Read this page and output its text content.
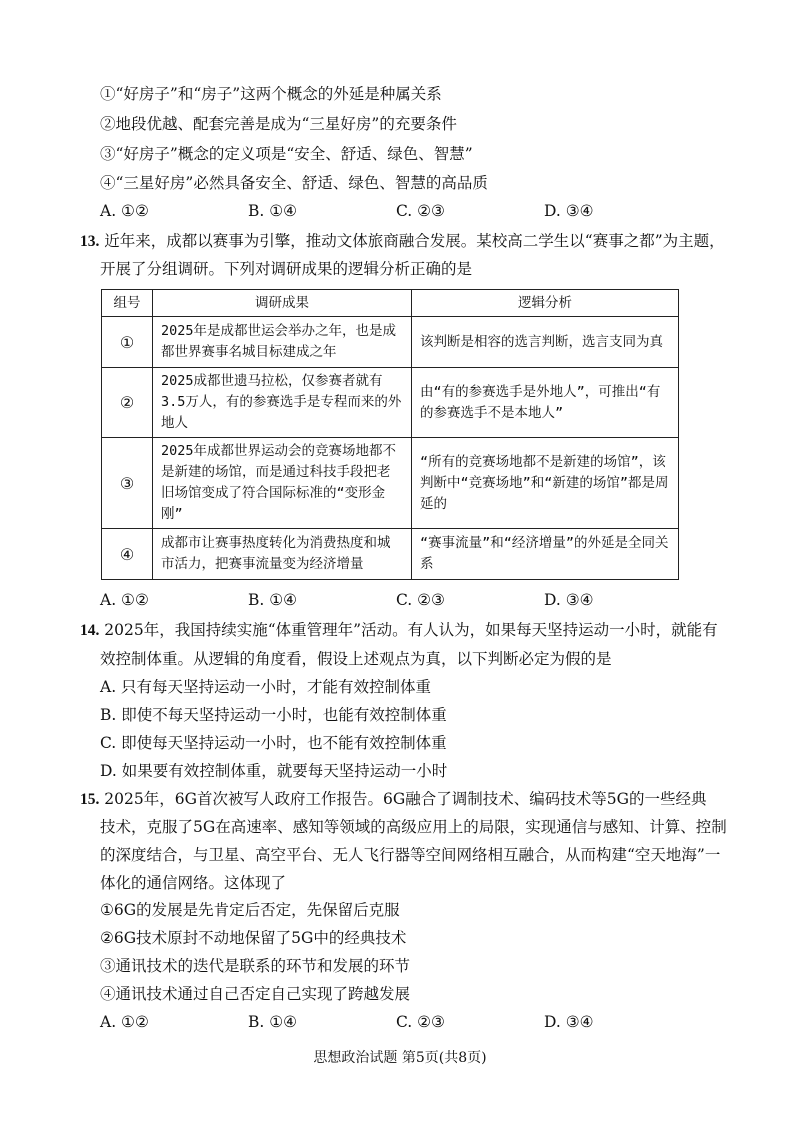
①“好房子”和“房子”这两个概念的外延是种属关系
②地段优越、配套完善是成为“三星好房”的充要条件
③“好房子”概念的定义项是“安全、舒适、绿色、智慧”
④“三星好房”必然具备安全、舒适、绿色、智慧的高品质
A. ①②	B. ①④	C. ②③	D. ③④
13. 近年来，成都以赛事为引擎，推动文体旅商融合发展。某校高二学生以“赛事之都”为主题，
开展了分组调研。下列对调研成果的逻辑分析正确的是
组号	调研成果	逻辑分析
①	2025年是成都世运会举办之年，也是成都世界赛事名城目标建成之年	该判断是相容的选言判断，选言支同为真
②	2025成都世遗马拉松，仅参赛者就有3.5万人，有的参赛选手是专程而来的外地人	由“有的参赛选手是外地人”，可推出“有的参赛选手不是本地人”
③	2025年成都世界运动会的竞赛场地都不是新建的场馆，而是通过科技手段把老旧场馆变成了符合国际标准的“变形金刚”	“所有的竞赛场地都不是新建的场馆”，该判断中“竞赛场地”和“新建的场馆”都是周延的
④	成都市让赛事热度转化为消费热度和城市活力，把赛事流量变为经济增量	“赛事流量”和“经济增量”的外延是全同关系
A. ①②	B. ①④	C. ②③	D. ③④
14. 2025年，我国持续实施“体重管理年”活动。有人认为，如果每天坚持运动一小时，就能有
效控制体重。从逻辑的角度看，假设上述观点为真，以下判断必定为假的是
A. 只有每天坚持运动一小时，才能有效控制体重
B. 即使不每天坚持运动一小时，也能有效控制体重
C. 即使每天坚持运动一小时，也不能有效控制体重
D. 如果要有效控制体重，就要每天坚持运动一小时
15. 2025年，6G首次被写人政府工作报告。6G融合了调制技术、编码技术等5G的一些经典
技术，克服了5G在高速率、感知等领域的高级应用上的局限，实现通信与感知、计算、控制
的深度结合，与卫星、高空平台、无人飞行器等空间网络相互融合，从而构建“空天地海”一
体化的通信网络。这体现了
①6G的发展是先肯定后否定，先保留后克服
②6G技术原封不动地保留了5G中的经典技术
③通讯技术的迭代是联系的环节和发展的环节
④通讯技术通过自己否定自己实现了跨越发展
A. ①②	B. ①④	C. ②③	D. ③④
思想政治试题 第5页(共8页)
